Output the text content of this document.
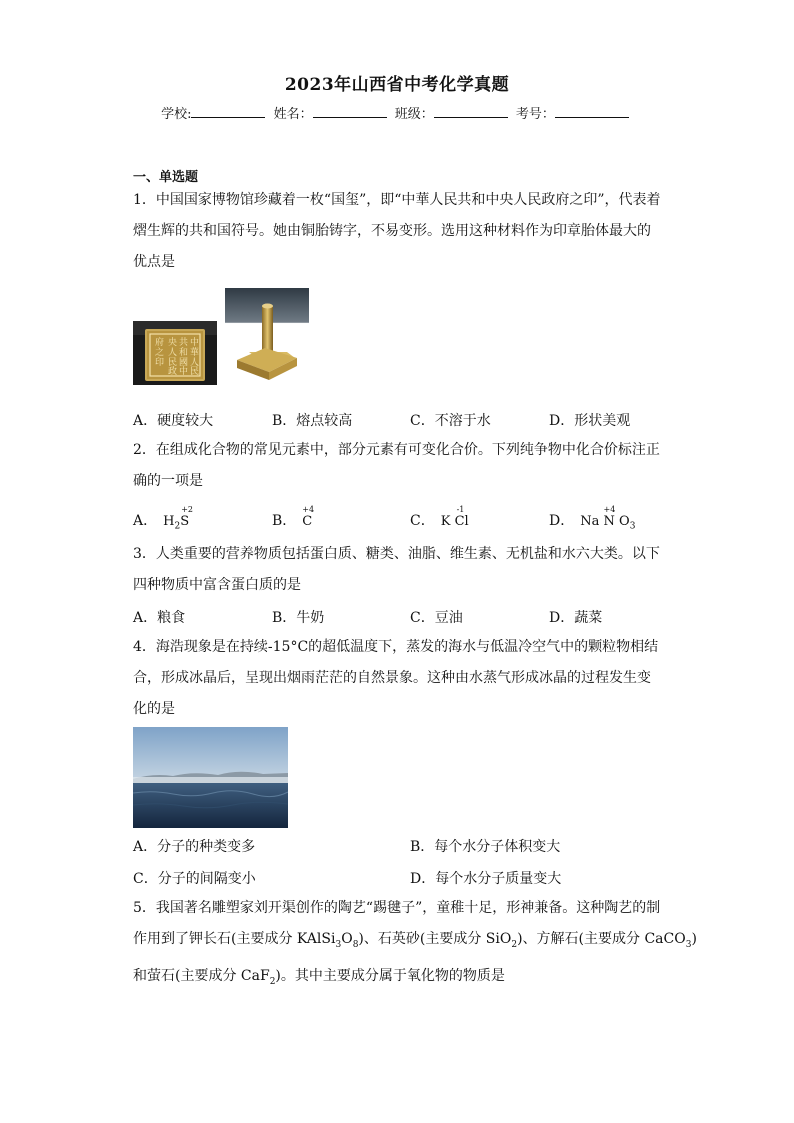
2023年山西省中考化学真题
学校:	姓名：	班级：	考号：
一、单选题
1．中国国家博物馆珍藏着一枚“国玺”，即“中華人民共和中央人民政府之印”，代表着熠生辉的共和国符号。她由铜胎铸字，不易变形。选用这种材料作为印章胎体最大的优点是
中
華
人
民
共
和
國
中
央
人
民
政
府
之
印
A．硬度较大	B．熔点较高	C．不溶于水	D．形状美观
2．在组成化合物的常见元素中，部分元素有可变化合价。下列纯争物中化合价标注正确的一项是
A． $H_2$
+2
S	B．
+4
C	C． K
-1
Cl	D． Na
+4
N $O_3$
3．人类重要的营养物质包括蛋白质、糖类、油脂、维生素、无机盐和水六大类。以下四种物质中富含蛋白质的是
A．粮食	B．牛奶	C．豆油	D．蔬菜
4．海浩现象是在持续-15°C的超低温度下，蒸发的海水与低温冷空气中的颗粒物相结合，形成冰晶后，呈现出烟雨茫茫的自然景象。这种由水蒸气形成冰晶的过程发生变化的是
A．分子的种类变多	B．每个水分子体积变大
C．分子的间隔变小	D．每个水分子质量变大
5．我国著名雕塑家刘开渠创作的陶艺“踢毽子”，童稚十足，形神兼备。这种陶艺的制
作用到了钾长石(主要成分 $KAlSi_3O_8$)、石英砂(主要成分 SiO$_2$)、方解石(主要成分 CaCO$_3$)
和萤石(主要成分 CaF$_2$)。其中主要成分属于氧化物的物质是
